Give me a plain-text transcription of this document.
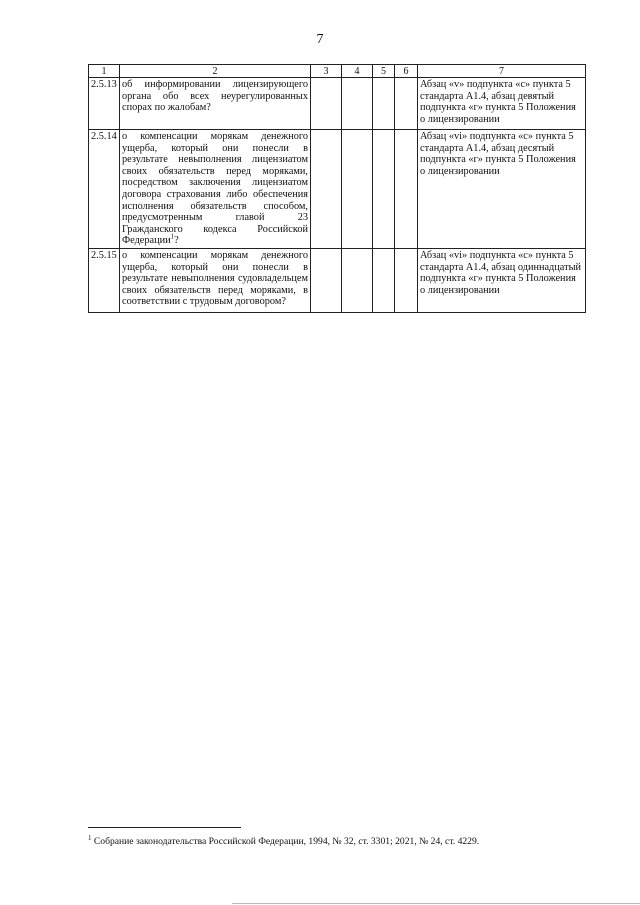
7
1	2	3	4	5	6	7
2.5.13	об информировании лицензирующего органа обо всех неурегулированных спорах по жалобам?					Абзац «v» подпункта «c» пункта 5 стандарта А1.4, абзац девятый подпункта «г» пункта 5 Положения о лицензировании
2.5.14	о компенсации морякам денежного ущерба, который они понесли в результате невыполнения лицензиатом своих обязательств перед моряками, посредством заключения лицензиатом договора страхования либо обеспечения исполнения обязательств способом, предусмотренным главой 23 Гражданского кодекса Российской Федерации$^1$?					Абзац «vi» подпункта «c» пункта 5 стандарта А1.4, абзац десятый подпункта «г» пункта 5 Положения о лицензировании
2.5.15	о компенсации морякам денежного ущерба, который они понесли в результате невыполнения судовладельцем своих обязательств перед моряками, в соответствии с трудовым договором?					Абзац «vi» подпункта «c» пункта 5 стандарта А1.4, абзац одиннадцатый подпункта «г» пункта 5 Положения о лицензировании
$^1$ Собрание законодательства Российской Федерации, 1994, № 32, ст. 3301; 2021, № 24, ст. 4229.
